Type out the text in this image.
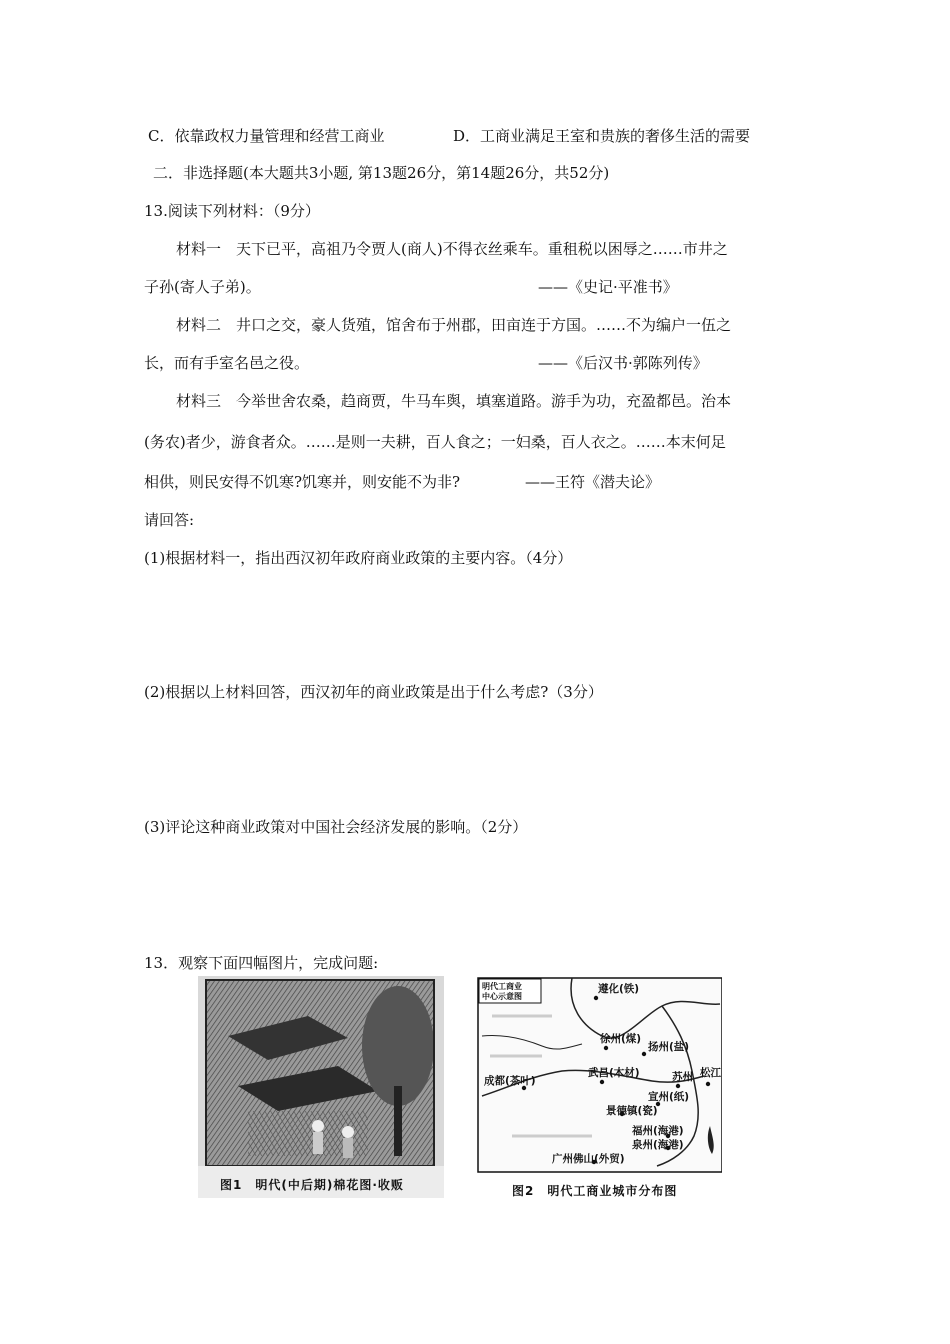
C．依靠政权力量管理和经营工商业	D．工商业满足王室和贵族的奢侈生活的需要
二．非选择题(本大题共3小题, 第13题26分，第14题26分，共52分)
13.阅读下列材料：（9分）
材料一　天下已平，高祖乃令贾人(商人)不得衣丝乘车。重租税以困辱之……市井之
子孙(寄人子弟)。	——《史记·平准书》
材料二　井口之交，豪人货殖，馆舍布于州郡，田亩连于方国。……不为编户一伍之
长，而有手室名邑之役。	——《后汉书·郭陈列传》
材料三　今举世舍农桑，趋商贾，牛马车舆，填塞道路。游手为功，充盈都邑。治本
(务农)者少，游食者众。……是则一夫耕，百人食之；一妇桑，百人衣之。……本末何足
相供，则民安得不饥寒?饥寒并，则安能不为非?	——王符《潜夫论》
请回答:
(1)根据材料一，指出西汉初年政府商业政策的主要内容。（4分）
(2)根据以上材料回答，西汉初年的商业政策是出于什么考虑?（3分）
(3)评论这种商业政策对中国社会经济发展的影响。（2分）
13．观察下面四幅图片，完成问题:
图1　明代(中后期)棉花图·收贩
明代工商业
中心示意图
遵化(铁)
徐州(煤)
扬州(盐)
成都(茶叶)
武昌(木材)	苏州 松江
宣州(纸)
景德镇(瓷)
福州(海港)
泉州(海港)
广州佛山(外贸)
图2　明代工商业城市分布图
